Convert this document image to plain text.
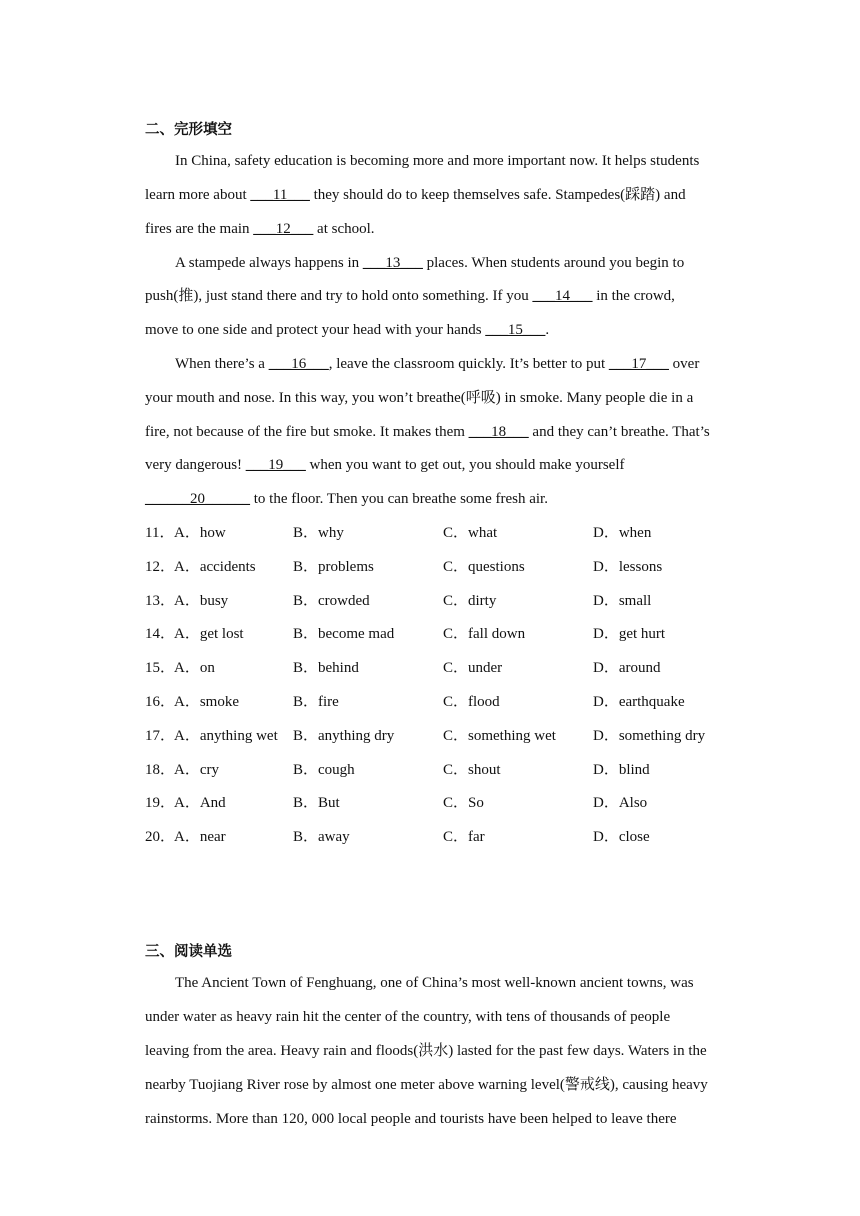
二、完形填空
In China, safety education is becoming more and more important now. It helps students
learn more about ___11___ they should do to keep themselves safe. Stampedes(踩踏) and
fires are the main ___12___ at school.
A stampede always happens in ___13___ places. When students around you begin to
push(推), just stand there and try to hold onto something. If you ___14___ in the crowd,
move to one side and protect your head with your hands ___15___.
When there’s a ___16___, leave the classroom quickly. It’s better to put ___17___ over
your mouth and nose. In this way, you won’t breathe(呼吸) in smoke. Many people die in a
fire, not because of the fire but smoke. It makes them ___18___ and they can’t breathe. That’s
very dangerous! ___19___ when you want to get out, you should make yourself
______20______ to the floor. Then you can breathe some fresh air.
11． A．how	B．why	C．what	D．when
12．
A．accidents B．problems	C．questions	D．lessons
13．
A．busy	B．crowded	C．dirty	D．small
14．
A．get lost	B．become mad	C．fall down	D．get hurt
15．
A．on	B．behind	C．under	D．around
16．
A．smoke	B．fire	C．flood	D．earthquake
17．
A．anything wet B．anything dry	C．something wet D．something dry
18．
A．cry	B．cough	C．shout	D．blind
19．
A．And	B．But	C．So	D．Also
20．
A．near	B．away	C．far	D．close
三、阅读单选
The Ancient Town of Fenghuang, one of China’s most well-known ancient towns, was
under water as heavy rain hit the center of the country, with tens of thousands of people
leaving from the area. Heavy rain and floods(洪水) lasted for the past few days. Waters in the
nearby Tuojiang River rose by almost one meter above warning level(警戒线), causing heavy
rainstorms. More than 120, 000 local people and tourists have been helped to leave there
